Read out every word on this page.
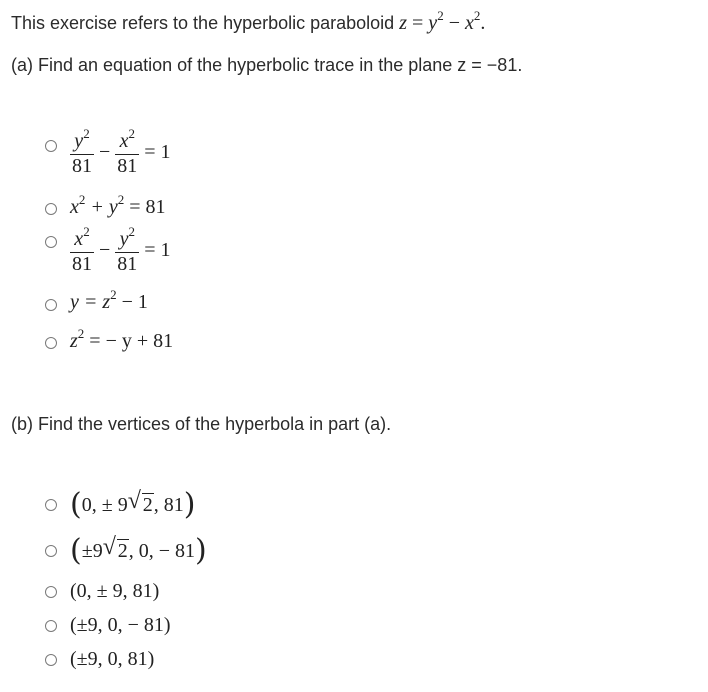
This exercise refers to the hyperbolic paraboloid $z = y^2 - x^2$.
(a) Find an equation of the hyperbolic trace in the plane z = −81.
$\frac{y^2}{81} - \frac{x^2}{81} = 1$
$x^2 + y^2 = 81$
$\frac{x^2}{81} - \frac{y^2}{81} = 1$
$y = z^2 - 1$
$z^2$ = − y + 81
(b) Find the vertices of the hyperbola in part (a).
(0, ± 9 √ 2, 81)
(±9 √ 2, 0, − 81)
(0, ± 9, 81)
(±9, 0, − 81)
(±9, 0, 81)
